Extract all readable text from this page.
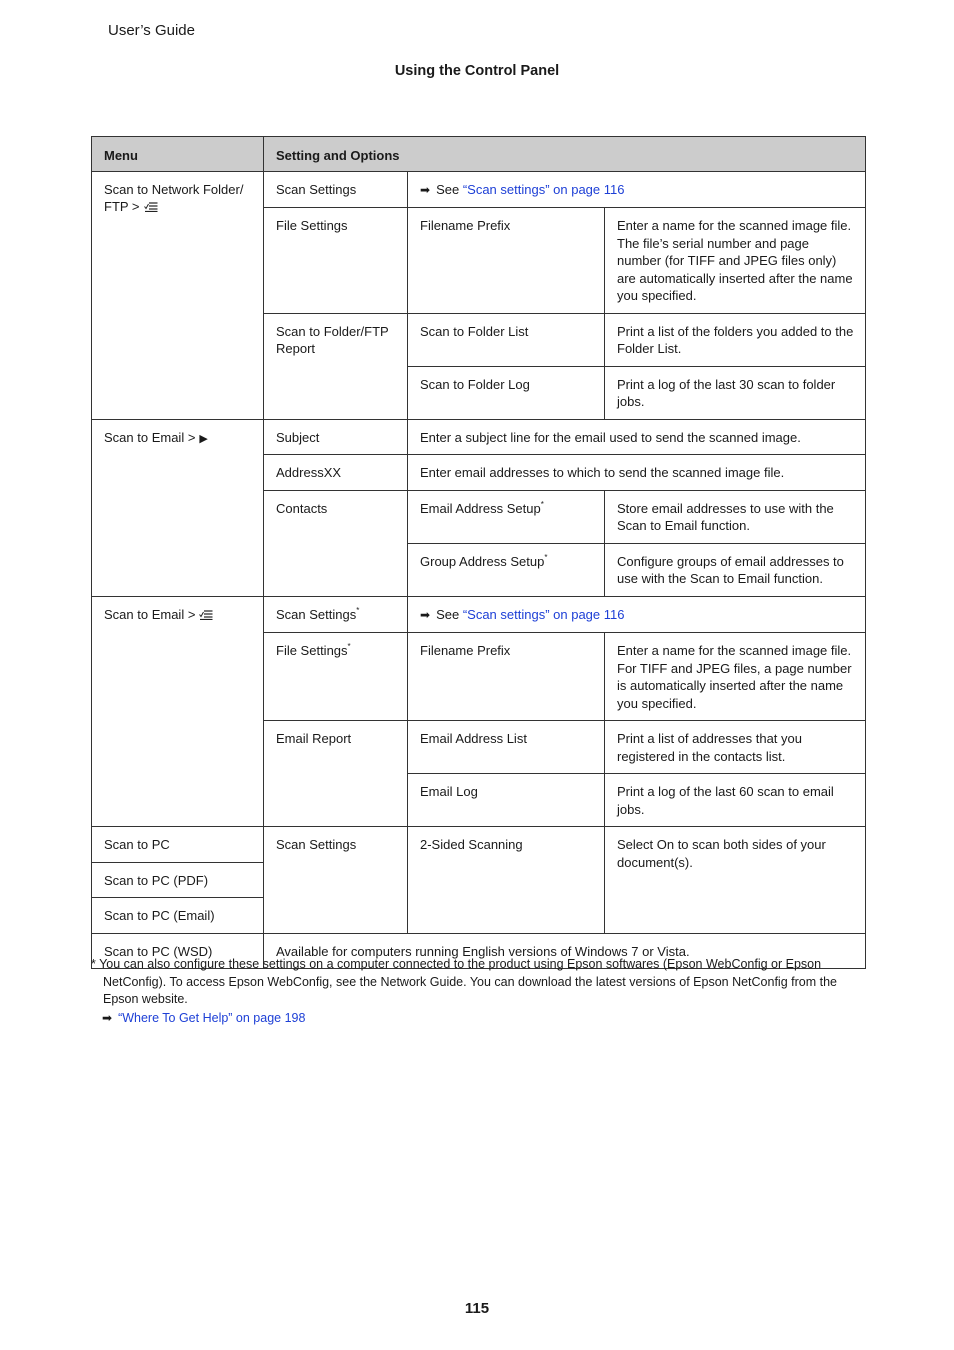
User’s Guide
Using the Control Panel
Menu	Setting and Options		
Scan to Network Folder/ FTP >	Scan Settings	➡ See “Scan settings” on page 116	
	File Settings	Filename Prefix	Enter a name for the scanned image file. The file’s serial number and page number (for TIFF and JPEG files only) are automatically inserted after the name you specified.
	Scan to Folder/FTP Report	Scan to Folder List	Print a list of the folders you added to the Folder List.
		Scan to Folder Log	Print a log of the last 30 scan to folder jobs.
Scan to Email > ▶	Subject	Enter a subject line for the email used to send the scanned image.	
	AddressXX	Enter email addresses to which to send the scanned image file.	
	Contacts	Email Address Setup*	Store email addresses to use with the Scan to Email function.
		Group Address Setup*	Configure groups of email addresses to use with the Scan to Email function.
Scan to Email >	Scan Settings*	➡ See “Scan settings” on page 116	
	File Settings*	Filename Prefix	Enter a name for the scanned image file. For TIFF and JPEG files, a page number is automatically inserted after the name you specified.
	Email Report	Email Address List	Print a list of addresses that you registered in the contacts list.
		Email Log	Print a log of the last 60 scan to email jobs.
Scan to PC	Scan Settings	2-Sided Scanning	Select On to scan both sides of your document(s).
Scan to PC (PDF)			
Scan to PC (Email)			
Scan to PC (WSD)	Available for computers running English versions of Windows 7 or Vista.		
* You can also configure these settings on a computer connected to the product using Epson softwares (Epson WebConfig or Epson NetConfig). To access Epson WebConfig, see the Network Guide. You can download the latest versions of Epson NetConfig from the Epson website.
➡ “Where To Get Help” on page 198
115
